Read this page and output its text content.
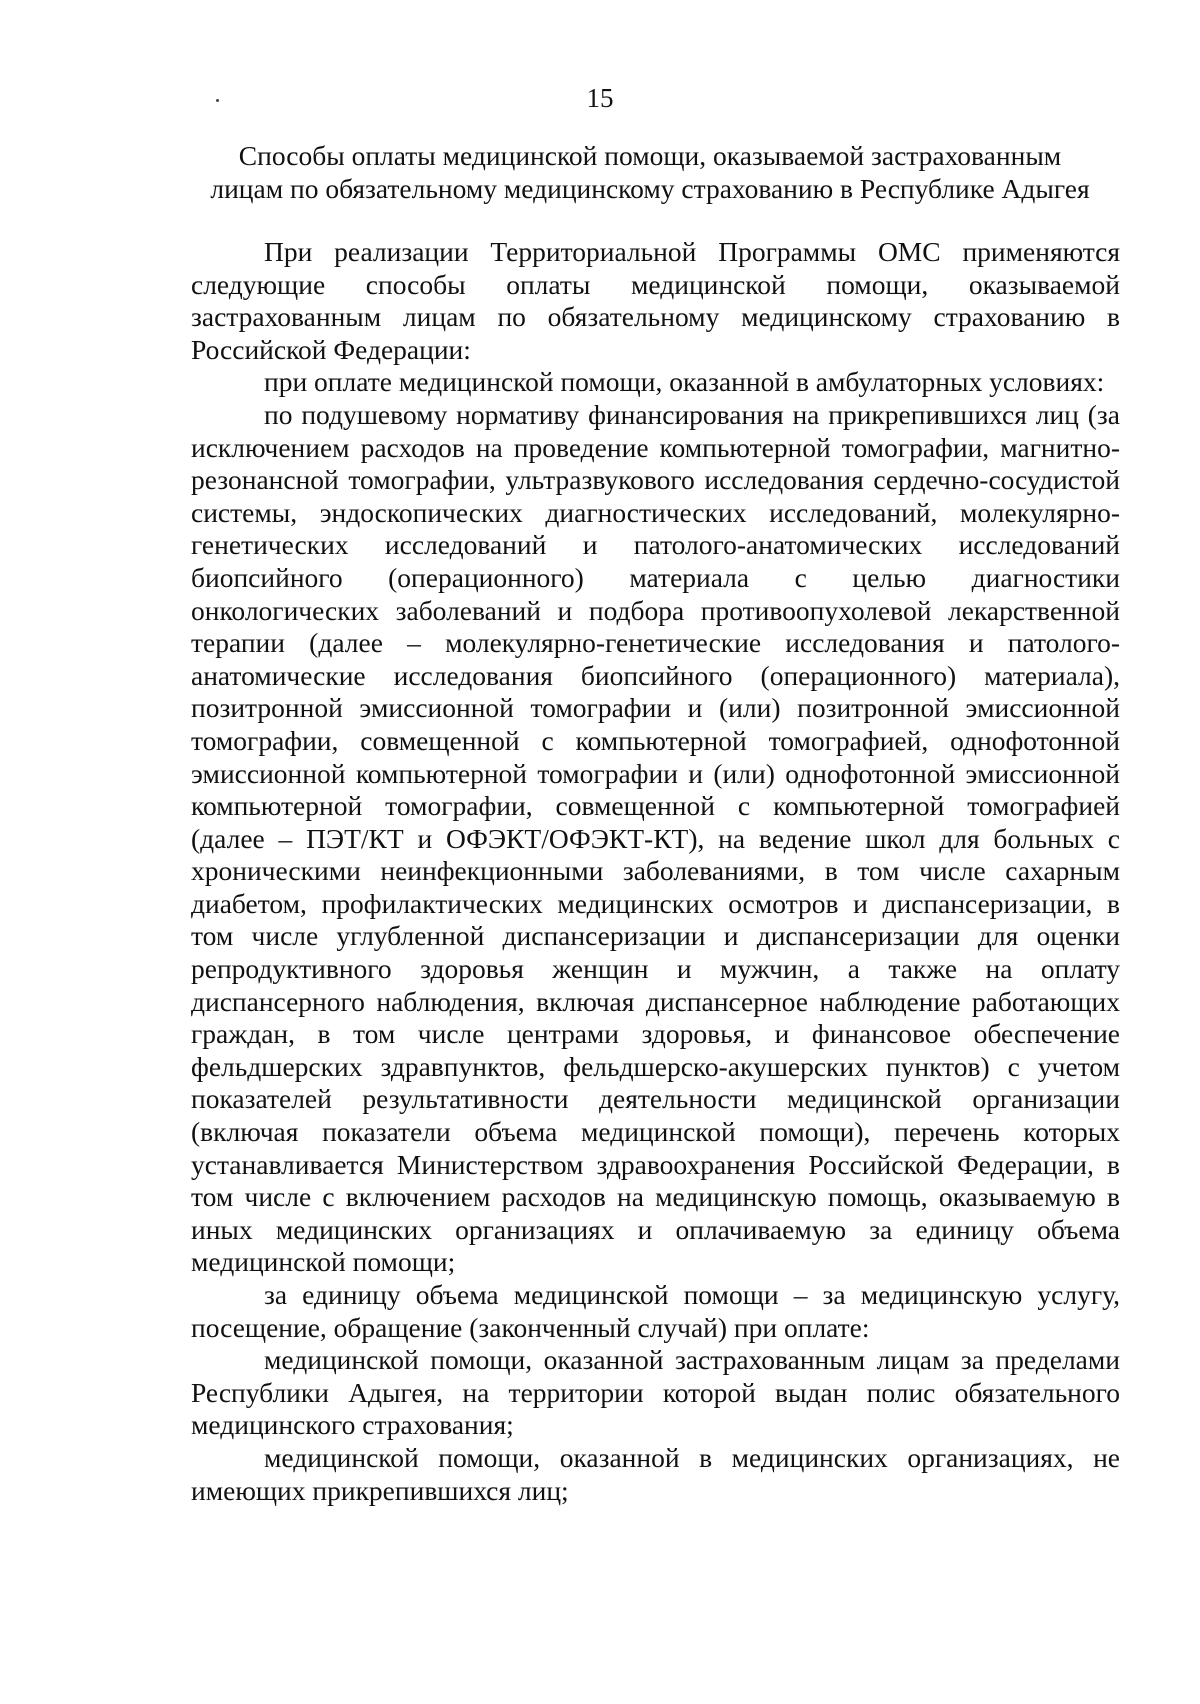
15
Способы оплаты медицинской помощи, оказываемой застрахованным
лицам по обязательному медицинскому страхованию в Республике Адыгея

При реализации Территориальной Программы ОМС применяются следующие способы оплаты медицинской помощи, оказываемой застрахованным лицам по обязательному медицинскому страхованию в Российской Федерации:

при оплате медицинской помощи, оказанной в амбулаторных условиях:

по подушевому нормативу финансирования на прикрепившихся лиц (за исключением расходов на проведение компьютерной томографии, магнитно-резонансной томографии, ультразвукового исследования сердечно-сосудистой системы, эндоскопических диагностических исследований, молекулярно-генетических исследований и патолого-анатомических исследований биопсийного (операционного) материала с целью диагностики онкологических заболеваний и подбора противоопухолевой лекарственной терапии (далее – молекулярно-генетические исследования и патолого-анатомические исследования биопсийного (операционного) материала), позитронной эмиссионной томографии и (или) позитронной эмиссионной томографии, совмещенной с компьютерной томографией, однофотонной эмиссионной компьютерной томографии и (или) однофотонной эмиссионной компьютерной томографии, совмещенной с компьютерной томографией (далее – ПЭТ/КТ и ОФЭКТ/ОФЭКТ-КТ), на ведение школ для больных с хроническими неинфекционными заболеваниями, в том числе сахарным диабетом, профилактических медицинских осмотров и диспансеризации, в том числе углубленной диспансеризации и диспансеризации для оценки репродуктивного здоровья женщин и мужчин, а также на оплату диспансерного наблюдения, включая диспансерное наблюдение работающих граждан, в том числе центрами здоровья, и финансовое обеспечение фельдшерских здравпунктов, фельдшерско-акушерских пунктов) с учетом показателей результативности деятельности медицинской организации (включая показатели объема медицинской помощи), перечень которых устанавливается Министерством здравоохранения Российской Федерации, в том числе с включением расходов на медицинскую помощь, оказываемую в иных медицинских организациях и оплачиваемую за единицу объема медицинской помощи;

за единицу объема медицинской помощи – за медицинскую услугу, посещение, обращение (законченный случай) при оплате:

медицинской помощи, оказанной застрахованным лицам за пределами Республики Адыгея, на территории которой выдан полис обязательного медицинского страхования;

медицинской помощи, оказанной в медицинских организациях, не имеющих прикрепившихся лиц;
